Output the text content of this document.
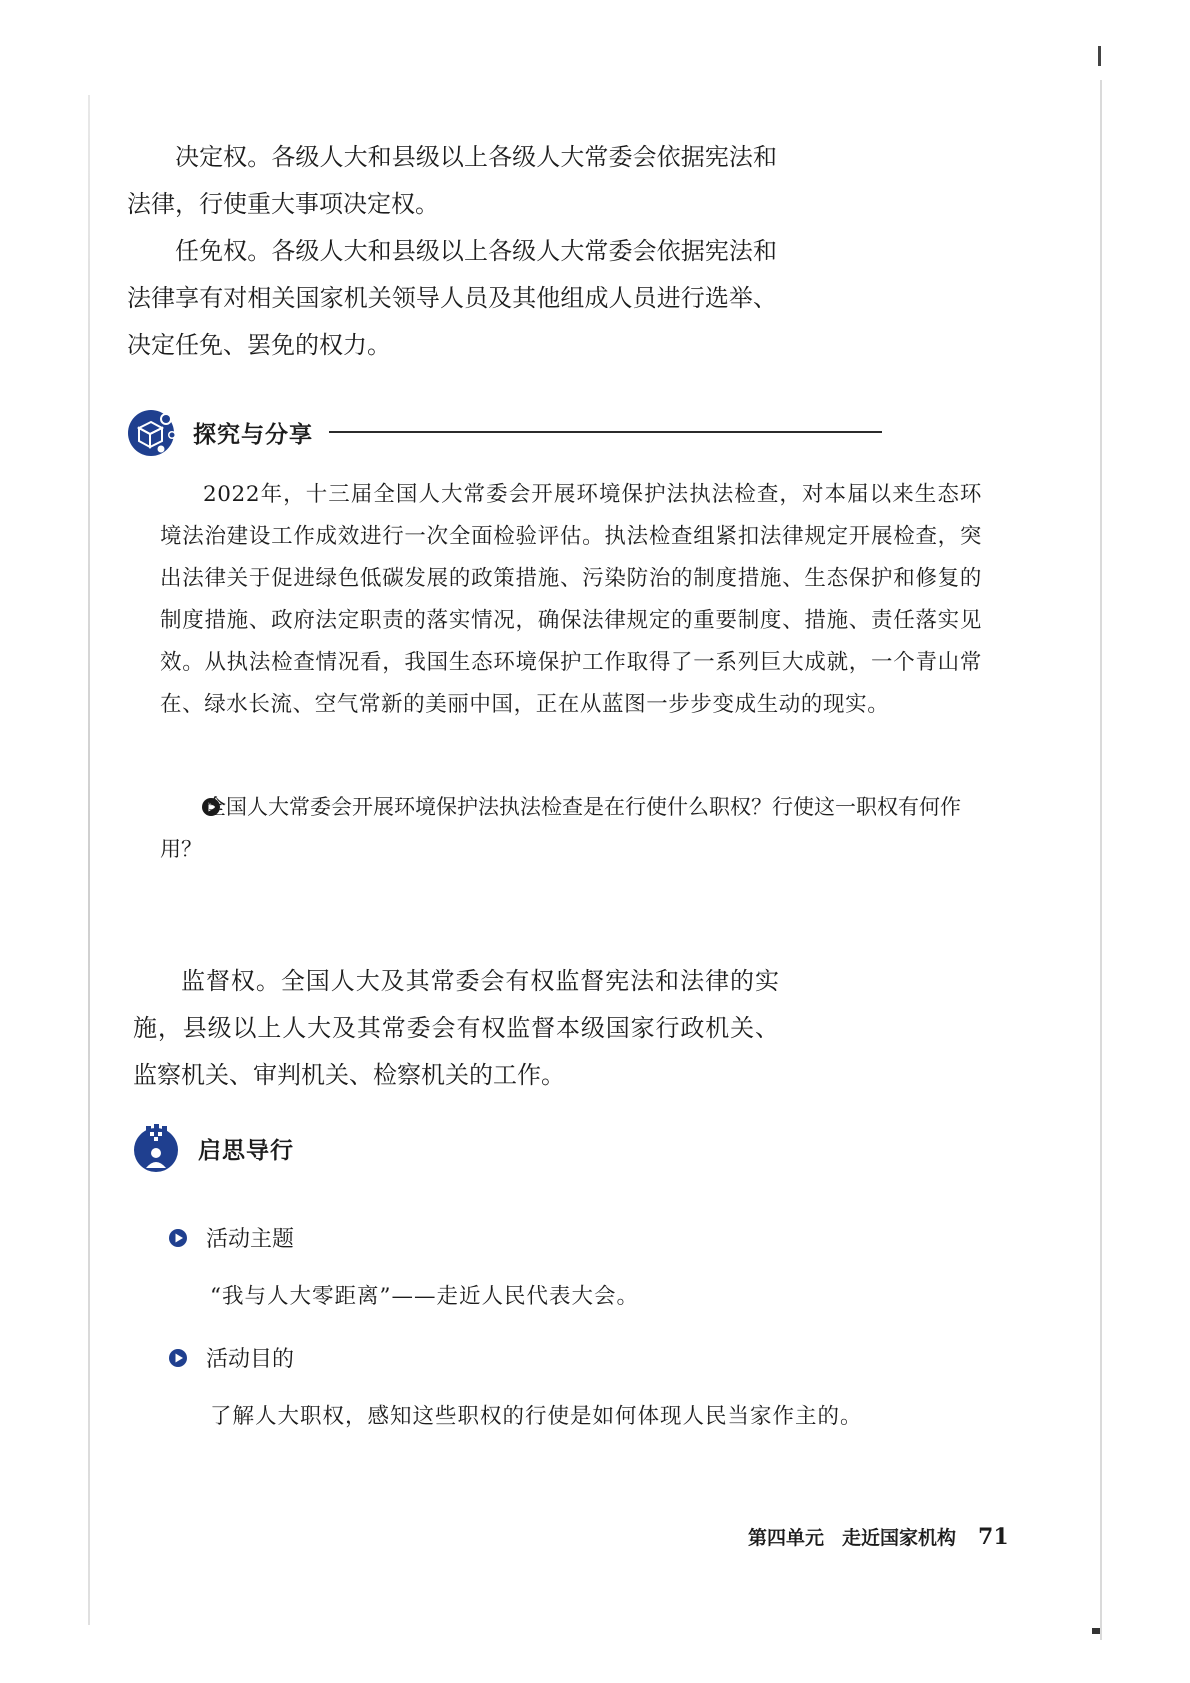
决定权。各级人大和县级以上各级人大常委会依据宪法和法律，行使重大事项决定权。

任免权。各级人大和县级以上各级人大常委会依据宪法和法律享有对相关国家机关领导人员及其他组成人员进行选举、决定任免、罢免的权力。

探究与分享

2022年，十三届全国人大常委会开展环境保护法执法检查，对本届以来生态环境法治建设工作成效进行一次全面检验评估。执法检查组紧扣法律规定开展检查，突出法律关于促进绿色低碳发展的政策措施、污染防治的制度措施、生态保护和修复的制度措施、政府法定职责的落实情况，确保法律规定的重要制度、措施、责任落实见效。从执法检查情况看，我国生态环境保护工作取得了一系列巨大成就，一个青山常在、绿水长流、空气常新的美丽中国，正在从蓝图一步步变成生动的现实。

全国人大常委会开展环境保护法执法检查是在行使什么职权？行使这一职权有何作用？

监督权。全国人大及其常委会有权监督宪法和法律的实施，县级以上人大及其常委会有权监督本级国家行政机关、监察机关、审判机关、检察机关的工作。

启思导行
活动主题

“我与人大零距离”——走近人民代表大会。

活动目的

了解人大职权，感知这些职权的行使是如何体现人民当家作主的。

第四单元 走近国家机构 71
